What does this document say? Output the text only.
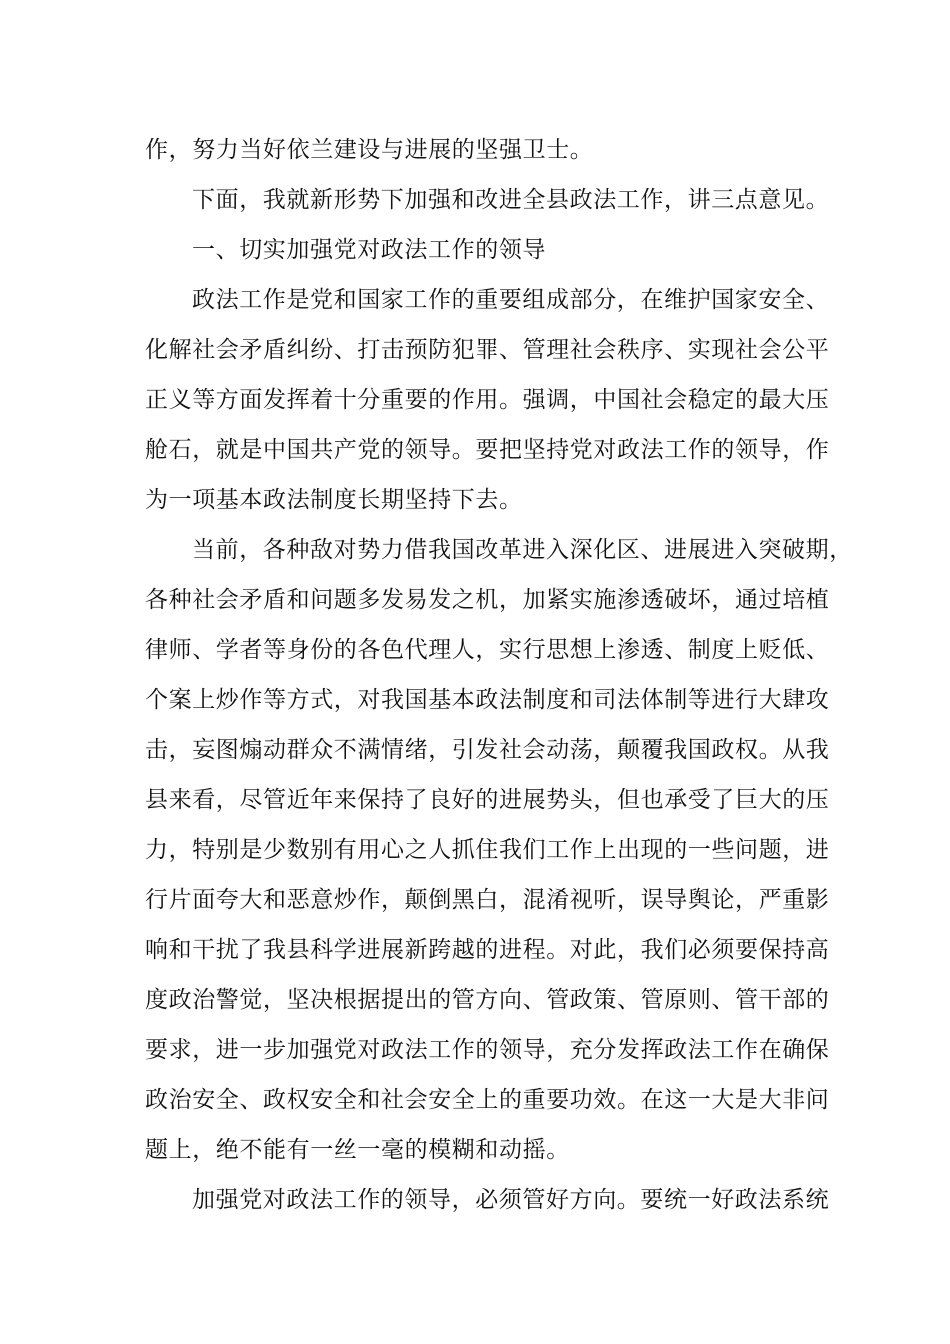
作，努力当好依兰建设与进展的坚强卫士。

下面，我就新形势下加强和改进全县政法工作，讲三点意见。

一、切实加强党对政法工作的领导

政法工作是党和国家工作的重要组成部分，在维护国家安全、

化解社会矛盾纠纷、打击预防犯罪、管理社会秩序、实现社会公平

正义等方面发挥着十分重要的作用。强调，中国社会稳定的最大压

舱石，就是中国共产党的领导。要把坚持党对政法工作的领导，作

为一项基本政法制度长期坚持下去。

当前，各种敌对势力借我国改革进入深化区、进展进入突破期，

各种社会矛盾和问题多发易发之机，加紧实施渗透破坏，通过培植

律师、学者等身份的各色代理人，实行思想上渗透、制度上贬低、

个案上炒作等方式，对我国基本政法制度和司法体制等进行大肆攻

击，妄图煽动群众不满情绪，引发社会动荡，颠覆我国政权。从我

县来看，尽管近年来保持了良好的进展势头，但也承受了巨大的压

力，特别是少数别有用心之人抓住我们工作上出现的一些问题，进

行片面夸大和恶意炒作，颠倒黑白，混淆视听，误导舆论，严重影

响和干扰了我县科学进展新跨越的进程。对此，我们必须要保持高

度政治警觉，坚决根据提出的管方向、管政策、管原则、管干部的

要求，进一步加强党对政法工作的领导，充分发挥政法工作在确保

政治安全、政权安全和社会安全上的重要功效。在这一大是大非问

题上，绝不能有一丝一毫的模糊和动摇。

加强党对政法工作的领导，必须管好方向。要统一好政法系统
